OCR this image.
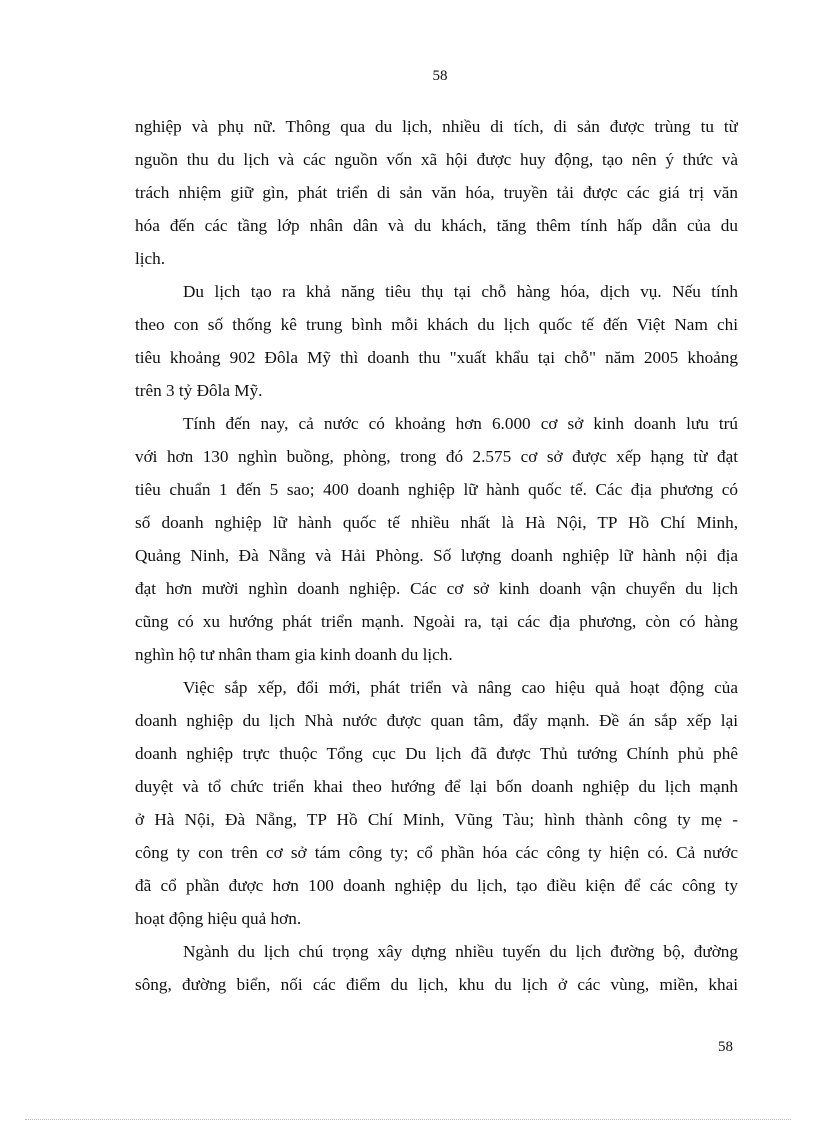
58
nghiệp và phụ nữ. Thông qua du lịch, nhiều di tích, di sản được trùng tu từ
nguồn thu du lịch và các nguồn vốn xã hội được huy động, tạo nên ý thức và
trách nhiệm giữ gìn, phát triển di sản văn hóa, truyền tải được các giá trị văn
hóa đến các tầng lớp nhân dân và du khách, tăng thêm tính hấp dẫn của du
lịch.
Du lịch tạo ra khả năng tiêu thụ tại chỗ hàng hóa, dịch vụ. Nếu tính
theo con số thống kê trung bình mỗi khách du lịch quốc tế đến Việt Nam chi
tiêu khoảng 902 Đôla Mỹ thì doanh thu "xuất khẩu tại chỗ" năm 2005 khoảng
trên 3 tỷ Đôla Mỹ.
Tính đến nay, cả nước có khoảng hơn 6.000 cơ sở kinh doanh lưu trú
với hơn 130 nghìn buồng, phòng, trong đó 2.575 cơ sở được xếp hạng từ đạt
tiêu chuẩn 1 đến 5 sao; 400 doanh nghiệp lữ hành quốc tế. Các địa phương có
số doanh nghiệp lữ hành quốc tế nhiều nhất là Hà Nội, TP Hồ Chí Minh,
Quảng Ninh, Đà Nẵng và Hải Phòng. Số lượng doanh nghiệp lữ hành nội địa
đạt hơn mười nghìn doanh nghiệp. Các cơ sở kinh doanh vận chuyển du lịch
cũng có xu hướng phát triển mạnh. Ngoài ra, tại các địa phương, còn có hàng
nghìn hộ tư nhân tham gia kinh doanh du lịch.
Việc sắp xếp, đổi mới, phát triển và nâng cao hiệu quả hoạt động của
doanh nghiệp du lịch Nhà nước được quan tâm, đẩy mạnh. Đề án sắp xếp lại
doanh nghiệp trực thuộc Tổng cục Du lịch đã được Thủ tướng Chính phủ phê
duyệt và tổ chức triển khai theo hướng để lại bốn doanh nghiệp du lịch mạnh
ở Hà Nội, Đà Nẵng, TP Hồ Chí Minh, Vũng Tàu; hình thành công ty mẹ -
công ty con trên cơ sở tám công ty; cổ phần hóa các công ty hiện có. Cả nước
đã cổ phần được hơn 100 doanh nghiệp du lịch, tạo điều kiện để các công ty
hoạt động hiệu quả hơn.
Ngành du lịch chú trọng xây dựng nhiều tuyến du lịch đường bộ, đường
sông, đường biển, nối các điểm du lịch, khu du lịch ở các vùng, miền, khai
58
